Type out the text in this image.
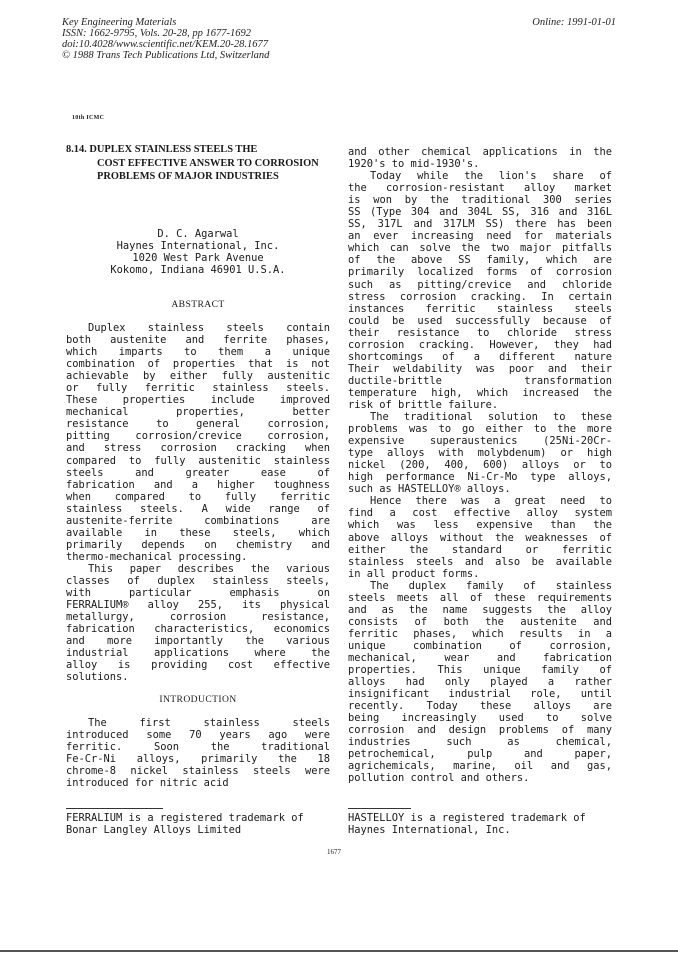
Key Engineering Materials
ISSN: 1662-9795, Vols. 20-28, pp 1677-1692
doi:10.4028/www.scientific.net/KEM.20-28.1677
© 1988 Trans Tech Publications Ltd, Switzerland
Online: 1991-01-01
10th ICMC
8.14. DUPLEX STAINLESS STEELS THE
COST EFFECTIVE ANSWER TO CORROSION
PROBLEMS OF MAJOR INDUSTRIES
D. C. Agarwal
Haynes International, Inc.
1020 West Park Avenue
Kokomo, Indiana 46901 U.S.A.
ABSTRACT
Duplex stainless steels contain
both austenite and ferrite phases,
which imparts to them a unique
combination of properties that is not
achievable by either fully austenitic
or fully ferritic stainless steels.
These properties include improved
mechanical properties, better
resistance to general corrosion,
pitting corrosion/crevice corrosion,
and stress corrosion cracking when
compared to fully austenitic stainless
steels and greater ease of
fabrication and a higher toughness
when compared to fully ferritic
stainless steels. A wide range of
austenite-ferrite combinations are
available in these steels, which
primarily depends on chemistry and
thermo-mechanical processing.
This paper describes the various
classes of duplex stainless steels,
with particular emphasis on
FERRALIUM® alloy 255, its physical
metallurgy, corrosion resistance,
fabrication characteristics, economics
and more importantly the various
industrial applications where the
alloy is providing cost effective
solutions.
INTRODUCTION
The first stainless steels
introduced some 70 years ago were
ferritic. Soon the traditional
Fe-Cr-Ni alloys, primarily the 18
chrome-8 nickel stainless steels were
introduced for nitric acid
and other chemical applications in the
1920's to mid-1930's.
Today while the lion's share of
the corrosion-resistant alloy market
is won by the traditional 300 series
SS (Type 304 and 304L SS, 316 and 316L
SS, 317L and 317LM SS) there has been
an ever increasing need for materials
which can solve the two major pitfalls
of the above SS family, which are
primarily localized forms of corrosion
such as pitting/crevice and chloride
stress corrosion cracking. In certain
instances ferritic stainless steels
could be used successfully because of
their resistance to chloride stress
corrosion cracking. However, they had
shortcomings of a different nature
Their weldability was poor and their
ductile-brittle transformation
temperature high, which increased the
risk of brittle failure.
The traditional solution to these
problems was to go either to the more
expensive superaustenics (25Ni-20Cr-
type alloys with molybdenum) or high
nickel (200, 400, 600) alloys or to
high performance Ni-Cr-Mo type alloys,
such as HASTELLOY® alloys.
Hence there was a great need to
find a cost effective alloy system
which was less expensive than the
above alloys without the weaknesses of
either the standard or ferritic
stainless steels and also be available
in all product forms.
The duplex family of stainless
steels meets all of these requirements
and as the name suggests the alloy
consists of both the austenite and
ferritic phases, which results in a
unique combination of corrosion,
mechanical, wear and fabrication
properties. This unique family of
alloys had only played a rather
insignificant industrial role, until
recently. Today these alloys are
being increasingly used to solve
corrosion and design problems of many
industries such as chemical,
petrochemical, pulp and paper,
agrichemicals, marine, oil and gas,
pollution control and others.
FERRALIUM is a registered trademark of
Bonar Langley Alloys Limited
HASTELLOY is a registered trademark of
Haynes International, Inc.
1677
